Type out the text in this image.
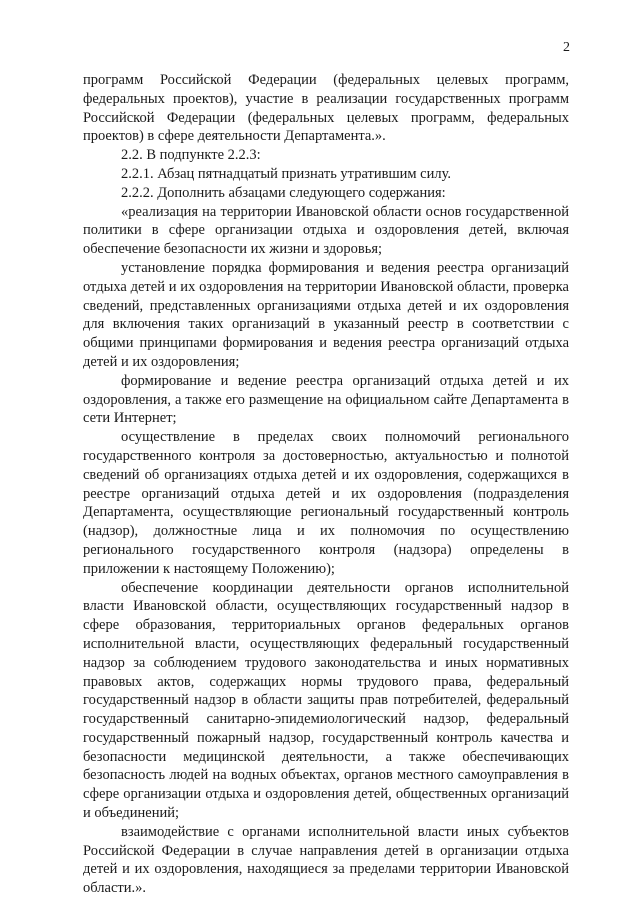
2

программ Российской Федерации (федеральных целевых программ, федеральных проектов), участие в реализации государственных программ Российской Федерации (федеральных целевых программ, федеральных проектов) в сфере деятельности Департамента.».

2.2. В подпункте 2.2.3:

2.2.1. Абзац пятнадцатый признать утратившим силу.

2.2.2. Дополнить абзацами следующего содержания:

«реализация на территории Ивановской области основ государственной политики в сфере организации отдыха и оздоровления детей, включая обеспечение безопасности их жизни и здоровья;

установление порядка формирования и ведения реестра организаций отдыха детей и их оздоровления на территории Ивановской области, проверка сведений, представленных организациями отдыха детей и их оздоровления для включения таких организаций в указанный реестр в соответствии с общими принципами формирования и ведения реестра организаций отдыха детей и их оздоровления;

формирование и ведение реестра организаций отдыха детей и их оздоровления, а также его размещение на официальном сайте Департамента в сети Интернет;

осуществление в пределах своих полномочий регионального государственного контроля за достоверностью, актуальностью и полнотой сведений об организациях отдыха детей и их оздоровления, содержащихся в реестре организаций отдыха детей и их оздоровления (подразделения Департамента, осуществляющие региональный государственный контроль (надзор), должностные лица и их полномочия по осуществлению регионального государственного контроля (надзора) определены в приложении к настоящему Положению);

обеспечение координации деятельности органов исполнительной власти Ивановской области, осуществляющих государственный надзор в сфере образования, территориальных органов федеральных органов исполнительной власти, осуществляющих федеральный государственный надзор за соблюдением трудового законодательства и иных нормативных правовых актов, содержащих нормы трудового права, федеральный государственный надзор в области защиты прав потребителей, федеральный государственный санитарно-эпидемиологический надзор, федеральный государственный пожарный надзор, государственный контроль качества и безопасности медицинской деятельности, а также обеспечивающих безопасность людей на водных объектах, органов местного самоуправления в сфере организации отдыха и оздоровления детей, общественных организаций и объединений;

взаимодействие с органами исполнительной власти иных субъектов Российской Федерации в случае направления детей в организации отдыха детей и их оздоровления, находящиеся за пределами территории Ивановской области.».
